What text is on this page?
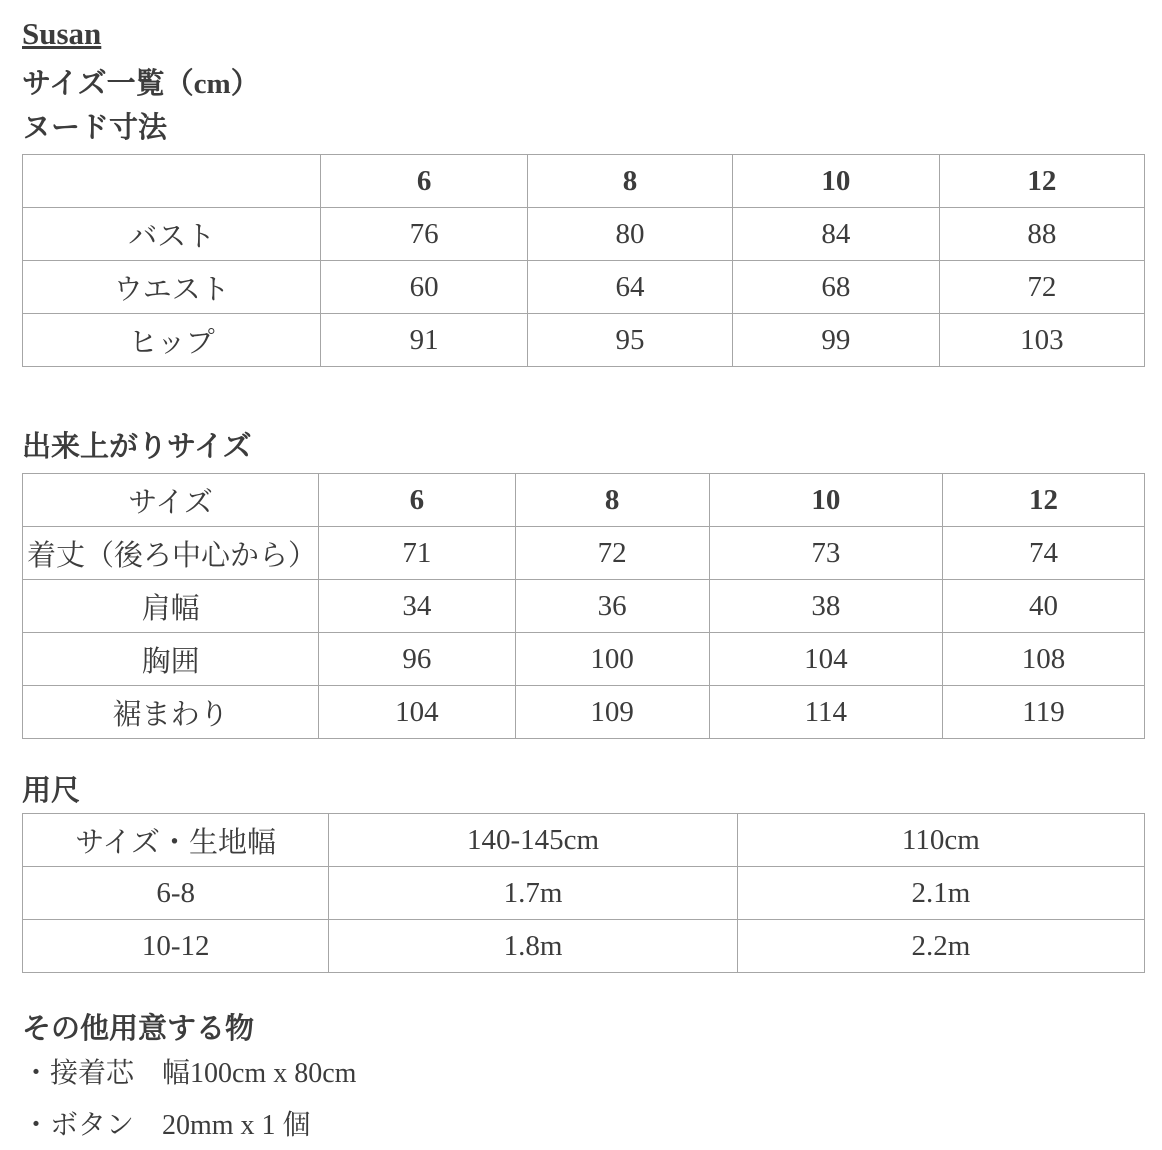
Susan
サイズ一覧（cm）
ヌード寸法
	6	8	10	12
バスト	76	80	84	88
ウエスト	60	64	68	72
ヒップ	91	95	99	103
出来上がりサイズ
サイズ	6	8	10	12
着丈（後ろ中心から）	71	72	73	74
肩幅	34	36	38	40
胸囲	96	100	104	108
裾まわり	104	109	114	119
用尺
サイズ・生地幅	140-145cm	110cm
6-8	1.7m	2.1m
10-12	1.8m	2.2m
その他用意する物

・接着芯　幅100cm x 80cm

・ボタン　20mm x 1 個
